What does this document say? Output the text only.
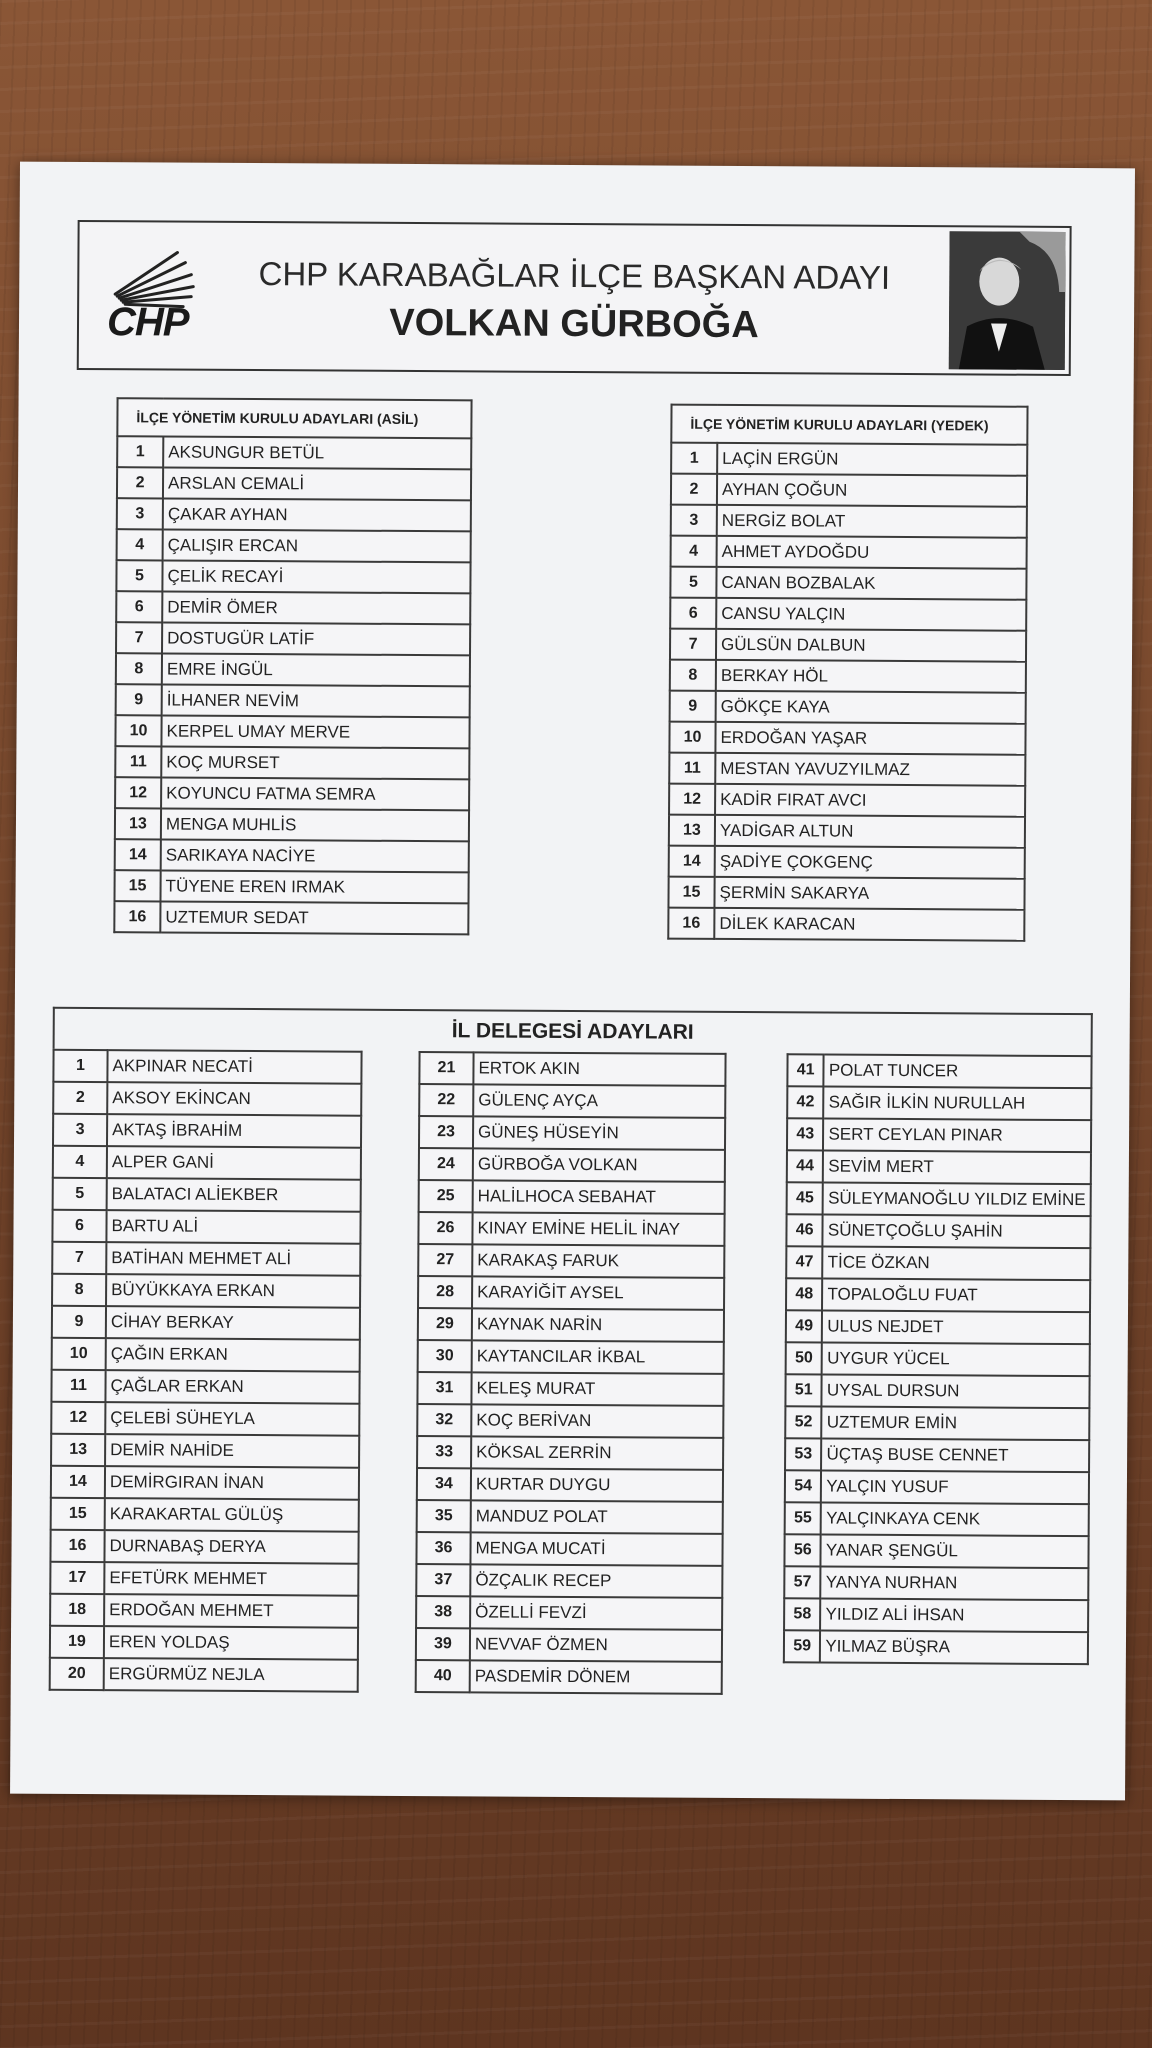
CHP
CHP KARABAĞLAR İLÇE BAŞKAN ADAYI
VOLKAN GÜRBOĞA
İLÇE YÖNETİM KURULU ADAYLARI (ASİL)	
1	AKSUNGUR BETÜL
2	ARSLAN CEMALİ
3	ÇAKAR AYHAN
4	ÇALIŞIR ERCAN
5	ÇELİK RECAYİ
6	DEMİR ÖMER
7	DOSTUGÜR LATİF
8	EMRE İNGÜL
9	İLHANER NEVİM
10	KERPEL UMAY MERVE
11	KOÇ MURSET
12	KOYUNCU FATMA SEMRA
13	MENGA MUHLİS
14	SARIKAYA NACİYE
15	TÜYENE EREN IRMAK
16	UZTEMUR SEDAT
İLÇE YÖNETİM KURULU ADAYLARI (YEDEK)	
1	LAÇİN ERGÜN
2	AYHAN ÇOĞUN
3	NERGİZ BOLAT
4	AHMET AYDOĞDU
5	CANAN BOZBALAK
6	CANSU YALÇIN
7	GÜLSÜN DALBUN
8	BERKAY HÖL
9	GÖKÇE KAYA
10	ERDOĞAN YAŞAR
11	MESTAN YAVUZYILMAZ
12	KADİR FIRAT AVCI
13	YADİGAR ALTUN
14	ŞADİYE ÇOKGENÇ
15	ŞERMİN SAKARYA
16	DİLEK KARACAN
İL DELEGESİ ADAYLARI
1	AKPINAR NECATİ
2	AKSOY EKİNCAN
3	AKTAŞ İBRAHİM
4	ALPER GANİ
5	BALATACI ALİEKBER
6	BARTU ALİ
7	BATİHAN MEHMET ALİ
8	BÜYÜKKAYA ERKAN
9	CİHAY BERKAY
10	ÇAĞIN ERKAN
11	ÇAĞLAR ERKAN
12	ÇELEBİ SÜHEYLA
13	DEMİR NAHİDE
14	DEMİRGIRAN İNAN
15	KARAKARTAL GÜLÜŞ
16	DURNABAŞ DERYA
17	EFETÜRK MEHMET
18	ERDOĞAN MEHMET
19	EREN YOLDAŞ
20	ERGÜRMÜZ NEJLA
21	ERTOK AKIN
22	GÜLENÇ AYÇA
23	GÜNEŞ HÜSEYİN
24	GÜRBOĞA VOLKAN
25	HALİLHOCA SEBAHAT
26	KINAY EMİNE HELİL İNAY
27	KARAKAŞ FARUK
28	KARAYİĞİT AYSEL
29	KAYNAK NARİN
30	KAYTANCILAR İKBAL
31	KELEŞ MURAT
32	KOÇ BERİVAN
33	KÖKSAL ZERRİN
34	KURTAR DUYGU
35	MANDUZ POLAT
36	MENGA MUCATİ
37	ÖZÇALIK RECEP
38	ÖZELLİ FEVZİ
39	NEVVAF ÖZMEN
40	PASDEMİR DÖNEM
41	POLAT TUNCER
42	SAĞIR İLKİN NURULLAH
43	SERT CEYLAN PINAR
44	SEVİM MERT
45	SÜLEYMANOĞLU YILDIZ EMİNE
46	SÜNETÇOĞLU ŞAHİN
47	TİCE ÖZKAN
48	TOPALOĞLU FUAT
49	ULUS NEJDET
50	UYGUR YÜCEL
51	UYSAL DURSUN
52	UZTEMUR EMİN
53	ÜÇTAŞ BUSE CENNET
54	YALÇIN YUSUF
55	YALÇINKAYA CENK
56	YANAR ŞENGÜL
57	YANYA NURHAN
58	YILDIZ ALİ İHSAN
59	YILMAZ BÜŞRA
